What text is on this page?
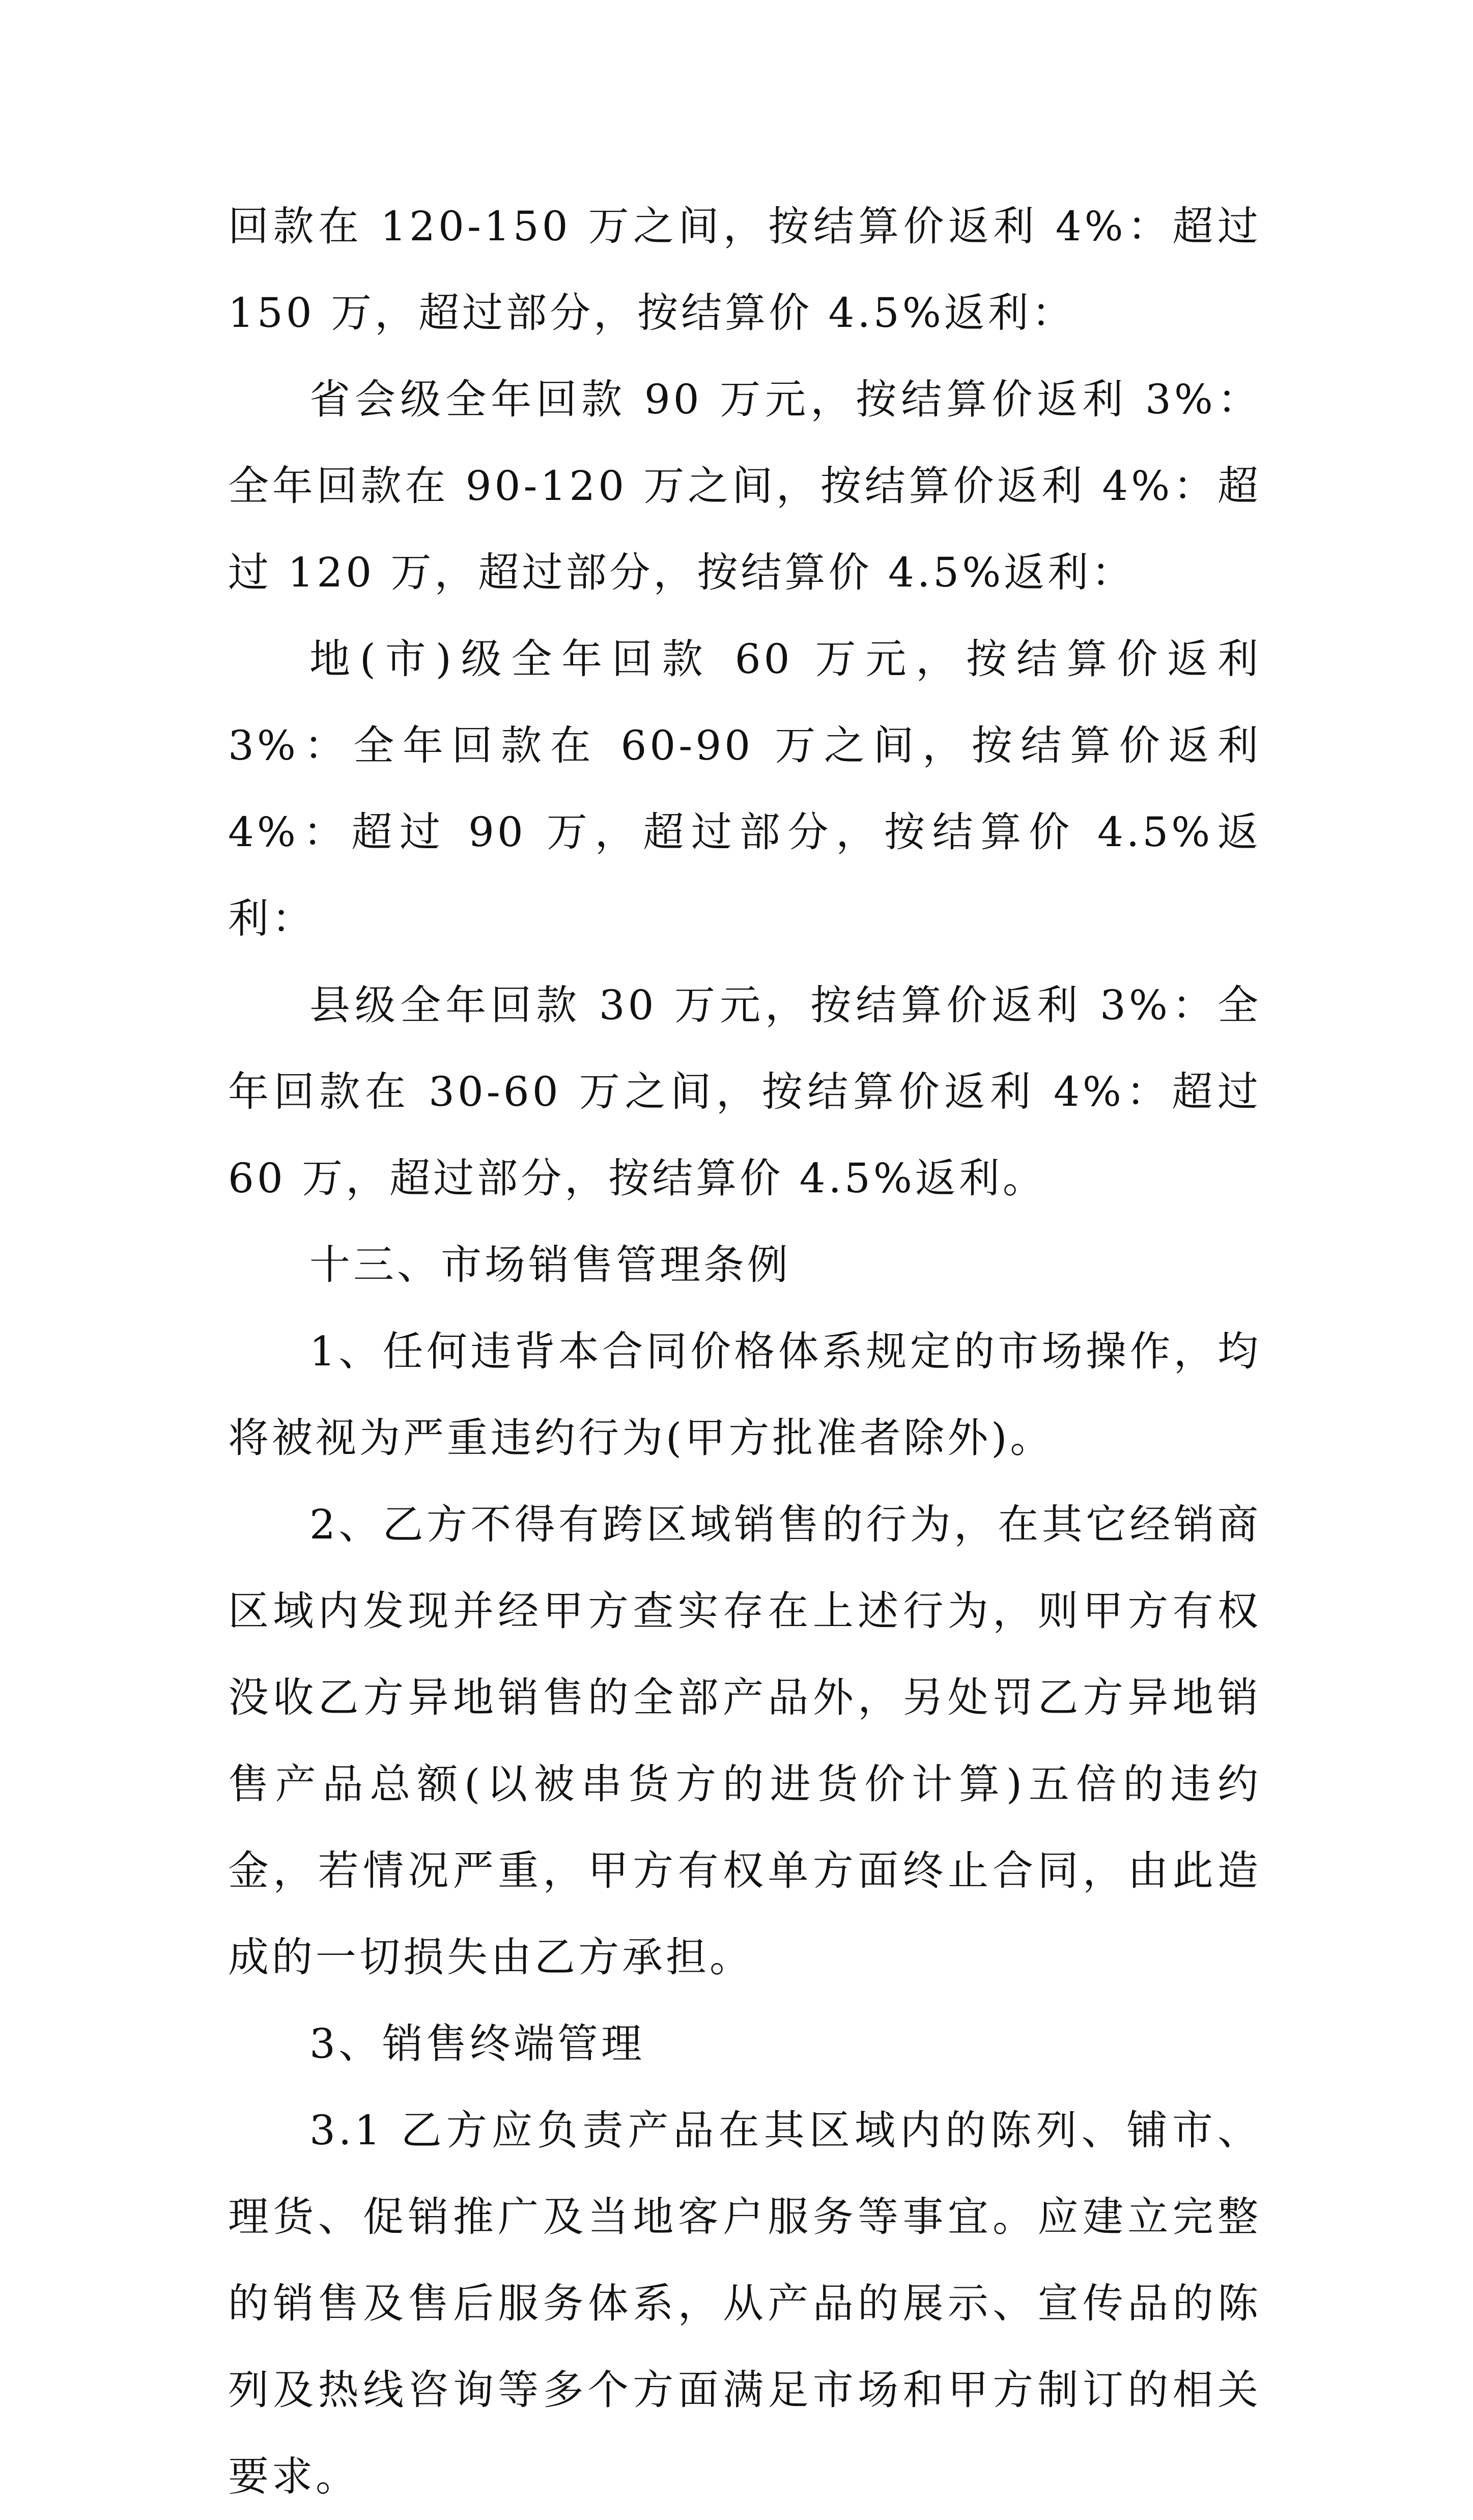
回款在 120-150 万之间，按结算价返利 4%：超过 150 万，超过部分，按结算价 4.5%返利：

省会级全年回款 90 万元，按结算价返利 3%：全年回款在 90-120 万之间，按结算价返利 4%：超过 120 万，超过部分，按结算价 4.5%返利：

地(市)级全年回款 60 万元，按结算价返利 3%：全年回款在 60-90 万之间，按结算价返利 4%：超过 90 万，超过部分，按结算价 4.5%返利：

县级全年回款 30 万元，按结算价返利 3%：全年回款在 30-60 万之间，按结算价返利 4%：超过 60 万，超过部分，按结算价 4.5%返利。

十三、市场销售管理条例

1、任何违背本合同价格体系规定的市场操作，均将被视为严重违约行为(甲方批准者除外)。

2、乙方不得有跨区域销售的行为，在其它经销商区域内发现并经甲方查实存在上述行为，则甲方有权没收乙方异地销售的全部产品外，另处罚乙方异地销售产品总额(以被串货方的进货价计算)五倍的违约金，若情况严重，甲方有权单方面终止合同，由此造成的一切损失由乙方承担。

3、销售终端管理

3.1 乙方应负责产品在其区域内的陈列、铺市、理货、促销推广及当地客户服务等事宜。应建立完整的销售及售后服务体系，从产品的展示、宣传品的陈列及热线咨询等多个方面满足市场和甲方制订的相关要求。
